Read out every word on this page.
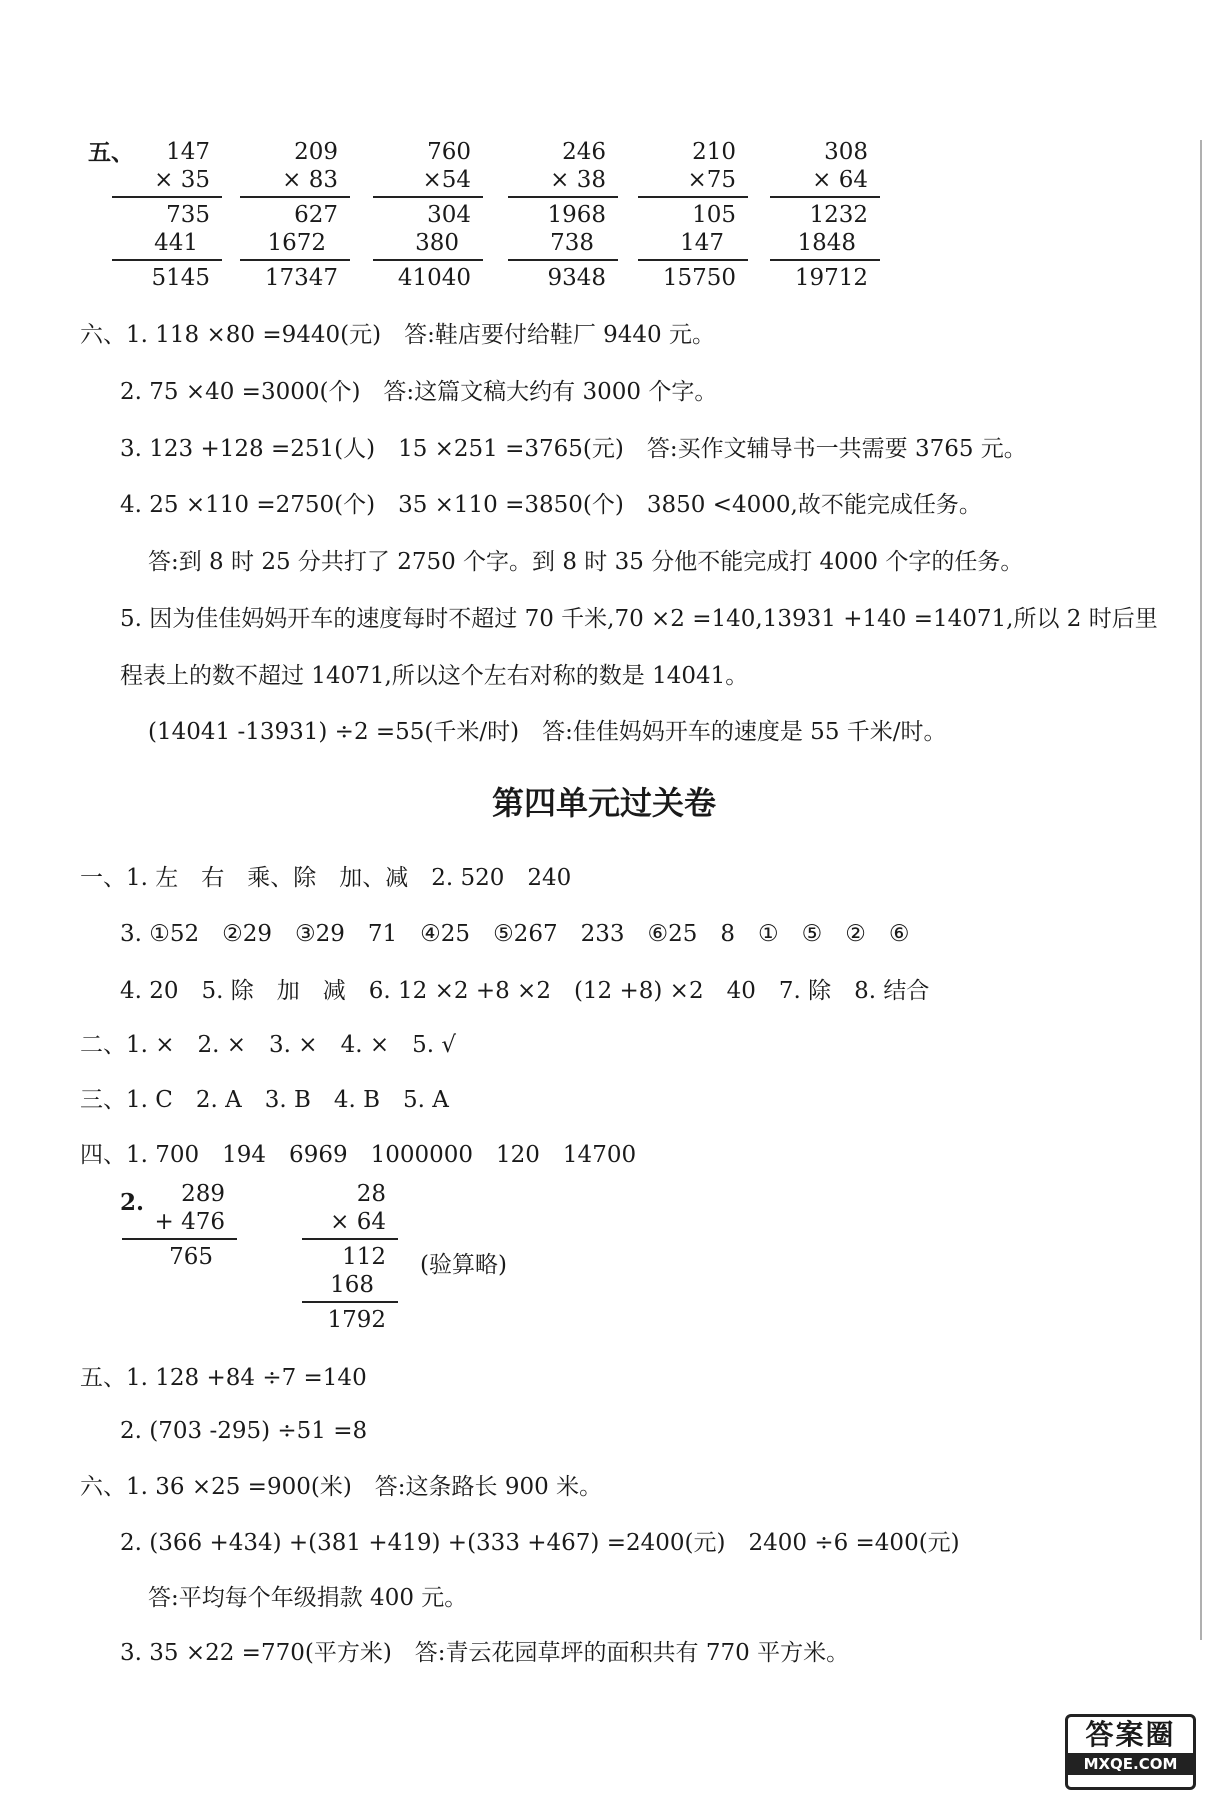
五、	147
× 35
735
441
5145
209
× 83
627
1672
17347
760
×54
304
380
41040
246
× 38
1968
738
9348
210
×75
105
147
15750
308
× 64
1232
1848
19712
六、1. 118 ×80 =9440(元)　答:鞋店要付给鞋厂 9440 元。
2. 75 ×40 =3000(个)　答:这篇文稿大约有 3000 个字。
3. 123 +128 =251(人)　15 ×251 =3765(元)　答:买作文辅导书一共需要 3765 元。
4. 25 ×110 =2750(个)　35 ×110 =3850(个)　3850 <4000,故不能完成任务。
答:到 8 时 25 分共打了 2750 个字。到 8 时 35 分他不能完成打 4000 个字的任务。
5. 因为佳佳妈妈开车的速度每时不超过 70 千米,70 ×2 =140,13931 +140 =14071,所以 2 时后里
程表上的数不超过 14071,所以这个左右对称的数是 14041。
(14041 -13931) ÷2 =55(千米/时)　答:佳佳妈妈开车的速度是 55 千米/时。
第四单元过关卷
一、1. 左　右　乘、除　加、减　2. 520　240
3. ①52　②29　③29　71　④25　⑤267　233　⑥25　8　①　⑤　②　⑥
4. 20　5. 除　加　减　6. 12 ×2 +8 ×2　(12 +8) ×2　40　7. 除　8. 结合
二、1. ×　2. ×　3. ×　4. ×　5. √
三、1. C　2. A　3. B　4. B　5. A
四、1. 700　194　6969　1000000　120　14700
2.	289
+ 476
765
28
× 64
112
168
1792
(验算略)
五、1. 128 +84 ÷7 =140
2. (703 -295) ÷51 =8
六、1. 36 ×25 =900(米)　答:这条路长 900 米。
2. (366 +434) +(381 +419) +(333 +467) =2400(元)　2400 ÷6 =400(元)
答:平均每个年级捐款 400 元。
3. 35 ×22 =770(平方米)　答:青云花园草坪的面积共有 770 平方米。
答案圈
MXQE.COM
